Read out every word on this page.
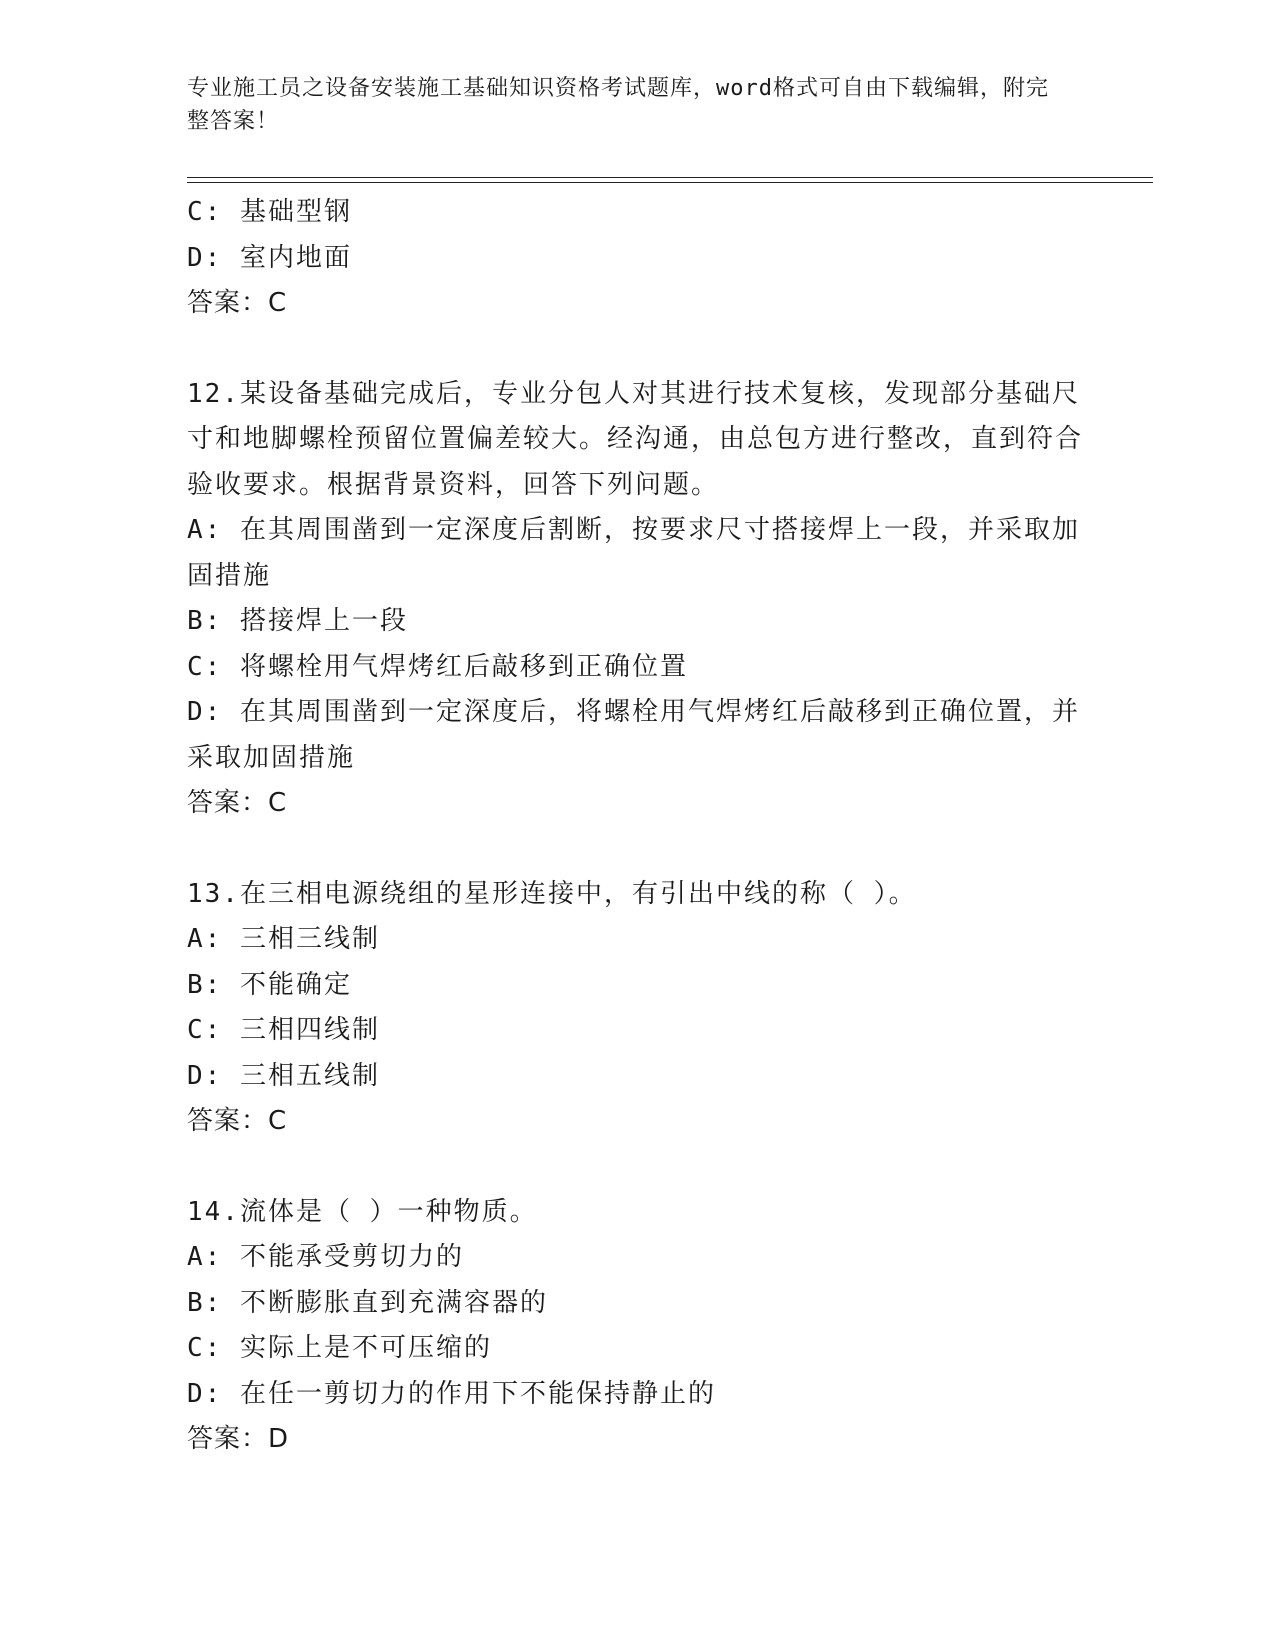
专业施工员之设备安装施工基础知识资格考试题库，word格式可自由下载编辑，附完整答案！

C: 基础型钢

D: 室内地面

答案：C

12.某设备基础完成后，专业分包人对其进行技术复核，发现部分基础尺寸和地脚螺栓预留位置偏差较大。经沟通，由总包方进行整改，直到符合验收要求。根据背景资料，回答下列问题。

A: 在其周围凿到一定深度后割断，按要求尺寸搭接焊上一段，并采取加固措施

B: 搭接焊上一段

C: 将螺栓用气焊烤红后敲移到正确位置

D: 在其周围凿到一定深度后，将螺栓用气焊烤红后敲移到正确位置，并采取加固措施

答案：C

13.在三相电源绕组的星形连接中，有引出中线的称（ ）。

A: 三相三线制

B: 不能确定

C: 三相四线制

D: 三相五线制

答案：C

14.流体是（ ）一种物质。

A: 不能承受剪切力的

B: 不断膨胀直到充满容器的

C: 实际上是不可压缩的

D: 在任一剪切力的作用下不能保持静止的

答案：D
